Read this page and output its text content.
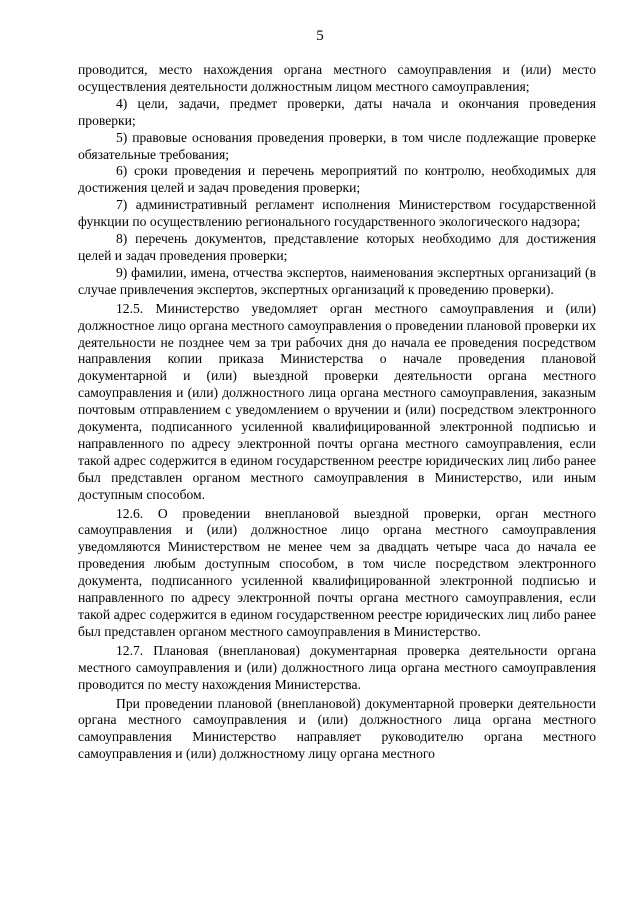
5

проводится, место нахождения органа местного самоуправления и (или) место осуществления деятельности должностным лицом местного самоуправления;

4) цели, задачи, предмет проверки, даты начала и окончания проведения проверки;

5) правовые основания проведения проверки, в том числе подлежащие проверке обязательные требования;

6) сроки проведения и перечень мероприятий по контролю, необходимых для достижения целей и задач проведения проверки;

7) административный регламент исполнения Министерством государственной функции по осуществлению регионального государственного экологического надзора;

8) перечень документов, представление которых необходимо для достижения целей и задач проведения проверки;

9) фамилии, имена, отчества экспертов, наименования экспертных организаций (в случае привлечения экспертов, экспертных организаций к проведению проверки).

12.5. Министерство уведомляет орган местного самоуправления и (или) должностное лицо органа местного самоуправления о проведении плановой проверки их деятельности не позднее чем за три рабочих дня до начала ее проведения посредством направления копии приказа Министерства о начале проведения плановой документарной и (или) выездной проверки деятельности органа местного самоуправления и (или) должностного лица органа местного самоуправления, заказным почтовым отправлением с уведомлением о вручении и (или) посредством электронного документа, подписанного усиленной квалифицированной электронной подписью и направленного по адресу электронной почты органа местного самоуправления, если такой адрес содержится в едином государственном реестре юридических лиц либо ранее был представлен органом местного самоуправления в Министерство, или иным доступным способом.

12.6. О проведении внеплановой выездной проверки, орган местного самоуправления и (или) должностное лицо органа местного самоуправления уведомляются Министерством не менее чем за двадцать четыре часа до начала ее проведения любым доступным способом, в том числе посредством электронного документа, подписанного усиленной квалифицированной электронной подписью и направленного по адресу электронной почты органа местного самоуправления, если такой адрес содержится в едином государственном реестре юридических лиц либо ранее был представлен органом местного самоуправления в Министерство.

12.7. Плановая (внеплановая) документарная проверка деятельности органа местного самоуправления и (или) должностного лица органа местного самоуправления проводится по месту нахождения Министерства.

При проведении плановой (внеплановой) документарной проверки деятельности органа местного самоуправления и (или) должностного лица органа местного самоуправления Министерство направляет руководителю органа местного самоуправления и (или) должностному лицу органа местного
